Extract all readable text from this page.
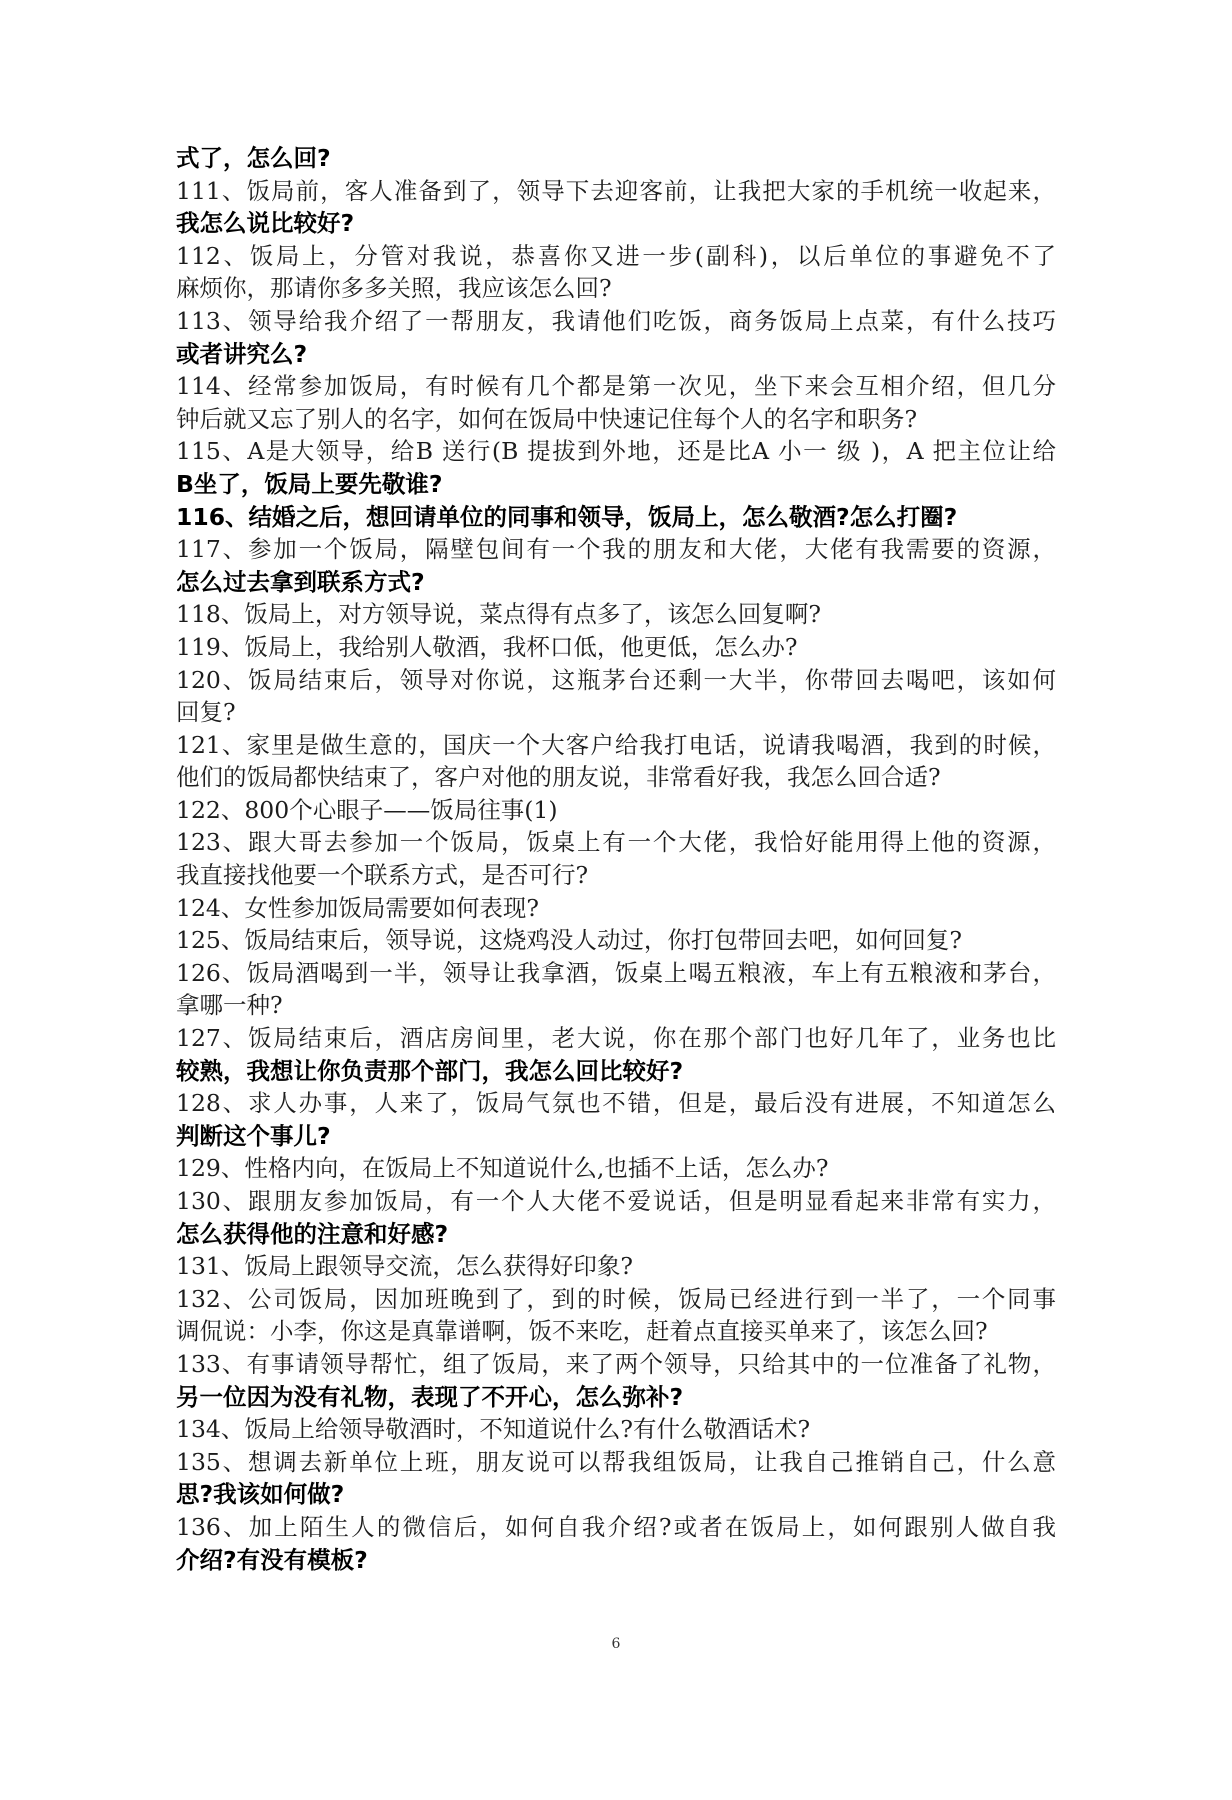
式了，怎么回?
111、饭局前，客人准备到了，领导下去迎客前，让我把大家的手机统一收起来，
我怎么说比较好?
112、饭局上，分管对我说，恭喜你又进一步(副科)，以后单位的事避免不了
麻烦你，那请你多多关照，我应该怎么回?
113、领导给我介绍了一帮朋友，我请他们吃饭，商务饭局上点菜，有什么技巧
或者讲究么?
114、经常参加饭局，有时候有几个都是第一次见，坐下来会互相介绍，但几分
钟后就又忘了别人的名字，如何在饭局中快速记住每个人的名字和职务?
115、A是大领导，给B 送行(B 提拔到外地，还是比A 小一 级 )，A 把主位让给
B坐了，饭局上要先敬谁?
116、结婚之后，想回请单位的同事和领导，饭局上，怎么敬酒?怎么打圈?
117、参加一个饭局，隔壁包间有一个我的朋友和大佬，大佬有我需要的资源，
怎么过去拿到联系方式?
118、饭局上，对方领导说，菜点得有点多了，该怎么回复啊?
119、饭局上，我给别人敬酒，我杯口低，他更低，怎么办?
120、饭局结束后，领导对你说，这瓶茅台还剩一大半，你带回去喝吧，该如何
回复?
121、家里是做生意的，国庆一个大客户给我打电话，说请我喝酒，我到的时候，
他们的饭局都快结束了，客户对他的朋友说，非常看好我，我怎么回合适?
122、800个心眼子——饭局往事(1)
123、跟大哥去参加一个饭局，饭桌上有一个大佬，我恰好能用得上他的资源，
我直接找他要一个联系方式，是否可行?
124、女性参加饭局需要如何表现?
125、饭局结束后，领导说，这烧鸡没人动过，你打包带回去吧，如何回复?
126、饭局酒喝到一半，领导让我拿酒，饭桌上喝五粮液，车上有五粮液和茅台，
拿哪一种?
127、饭局结束后，酒店房间里，老大说，你在那个部门也好几年了，业务也比
较熟，我想让你负责那个部门，我怎么回比较好?
128、求人办事，人来了，饭局气氛也不错，但是，最后没有进展，不知道怎么
判断这个事儿?
129、性格内向，在饭局上不知道说什么,也插不上话，怎么办?
130、跟朋友参加饭局，有一个人大佬不爱说话，但是明显看起来非常有实力，
怎么获得他的注意和好感?
131、饭局上跟领导交流，怎么获得好印象?
132、公司饭局，因加班晚到了，到的时候，饭局已经进行到一半了，一个同事
调侃说：小李，你这是真靠谱啊，饭不来吃，赶着点直接买单来了，该怎么回?
133、有事请领导帮忙，组了饭局，来了两个领导，只给其中的一位准备了礼物，
另一位因为没有礼物，表现了不开心，怎么弥补?
134、饭局上给领导敬酒时，不知道说什么?有什么敬酒话术?
135、想调去新单位上班，朋友说可以帮我组饭局，让我自己推销自己，什么意
思?我该如何做?
136、加上陌生人的微信后，如何自我介绍?或者在饭局上，如何跟别人做自我
介绍?有没有模板?
6
